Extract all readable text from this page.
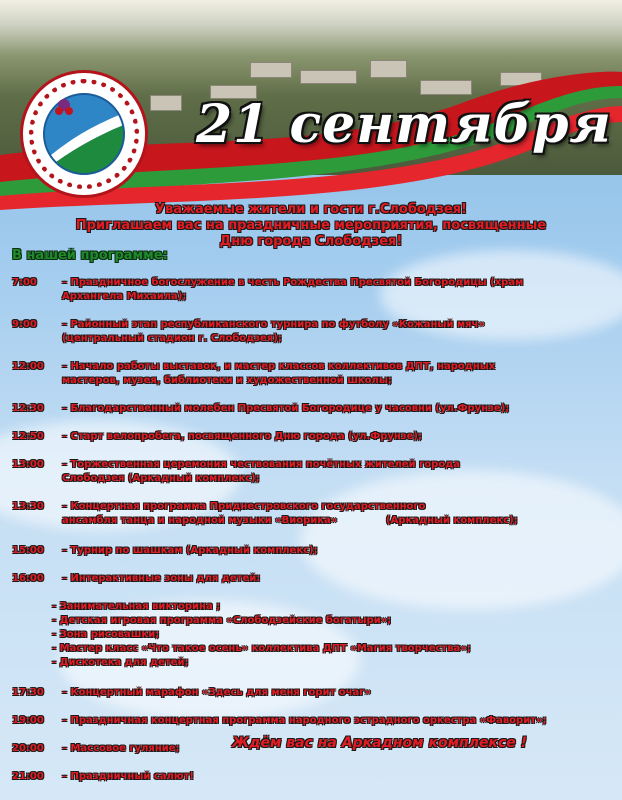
21 сентября
Уважаемые жители и гости г.Слободзея!
Приглашаем вас на праздничные мероприятия, посвященные
Дню города Слободзея!
В нашей программе:
7:00	– Праздничное богослужение в честь Рождества Пресвятой Богородицы (храм
Архангела Михаила);
9:00	– Районный этап республиканского турнира по футболу «Кожаный мяч»
(центральный стадион г. Слободзея);
12:00 – Начало работы выставок, и мастер классов коллективов ДПТ, народных
мастеров, музея, библиотеки и художественной школы;
12:30 – Благодарственный молебен Пресвятой Богородице у часовни (ул.Фрунзе);
12:50 – Старт велопробега, посвященного Дню города (ул.Фрунзе);
13:00 – Торжественная церемония чествования почётных жителей города
Слободзея (Аркадный комплекс);
13:30 – Концертная программа Приднестровского государственного
ансамбля танца и народной музыки «Виорика»              (Аркадный комплекс);
15:00 – Турнир по шашкам (Аркадный комплекс);
16:00 – Интерактивные зоны для детей:
- Занимательная викторина ;
- Детская игровая программа «Слободзейские богатыри»;
- Зона рисовашки;
- Мастер класс «Что такое осень» коллектива ДПТ «Магия творчества»;
- Дискотека для детей;
17:30 – Концертный марафон «Здесь для меня горит очаг»
19:00 – Праздничная концертная программа народного эстрадного оркестра «Фаворит»;
20:00 – Массовое гуляние;
21:00 – Праздничный салют!
Ждём вас на Аркадном комплексе !
